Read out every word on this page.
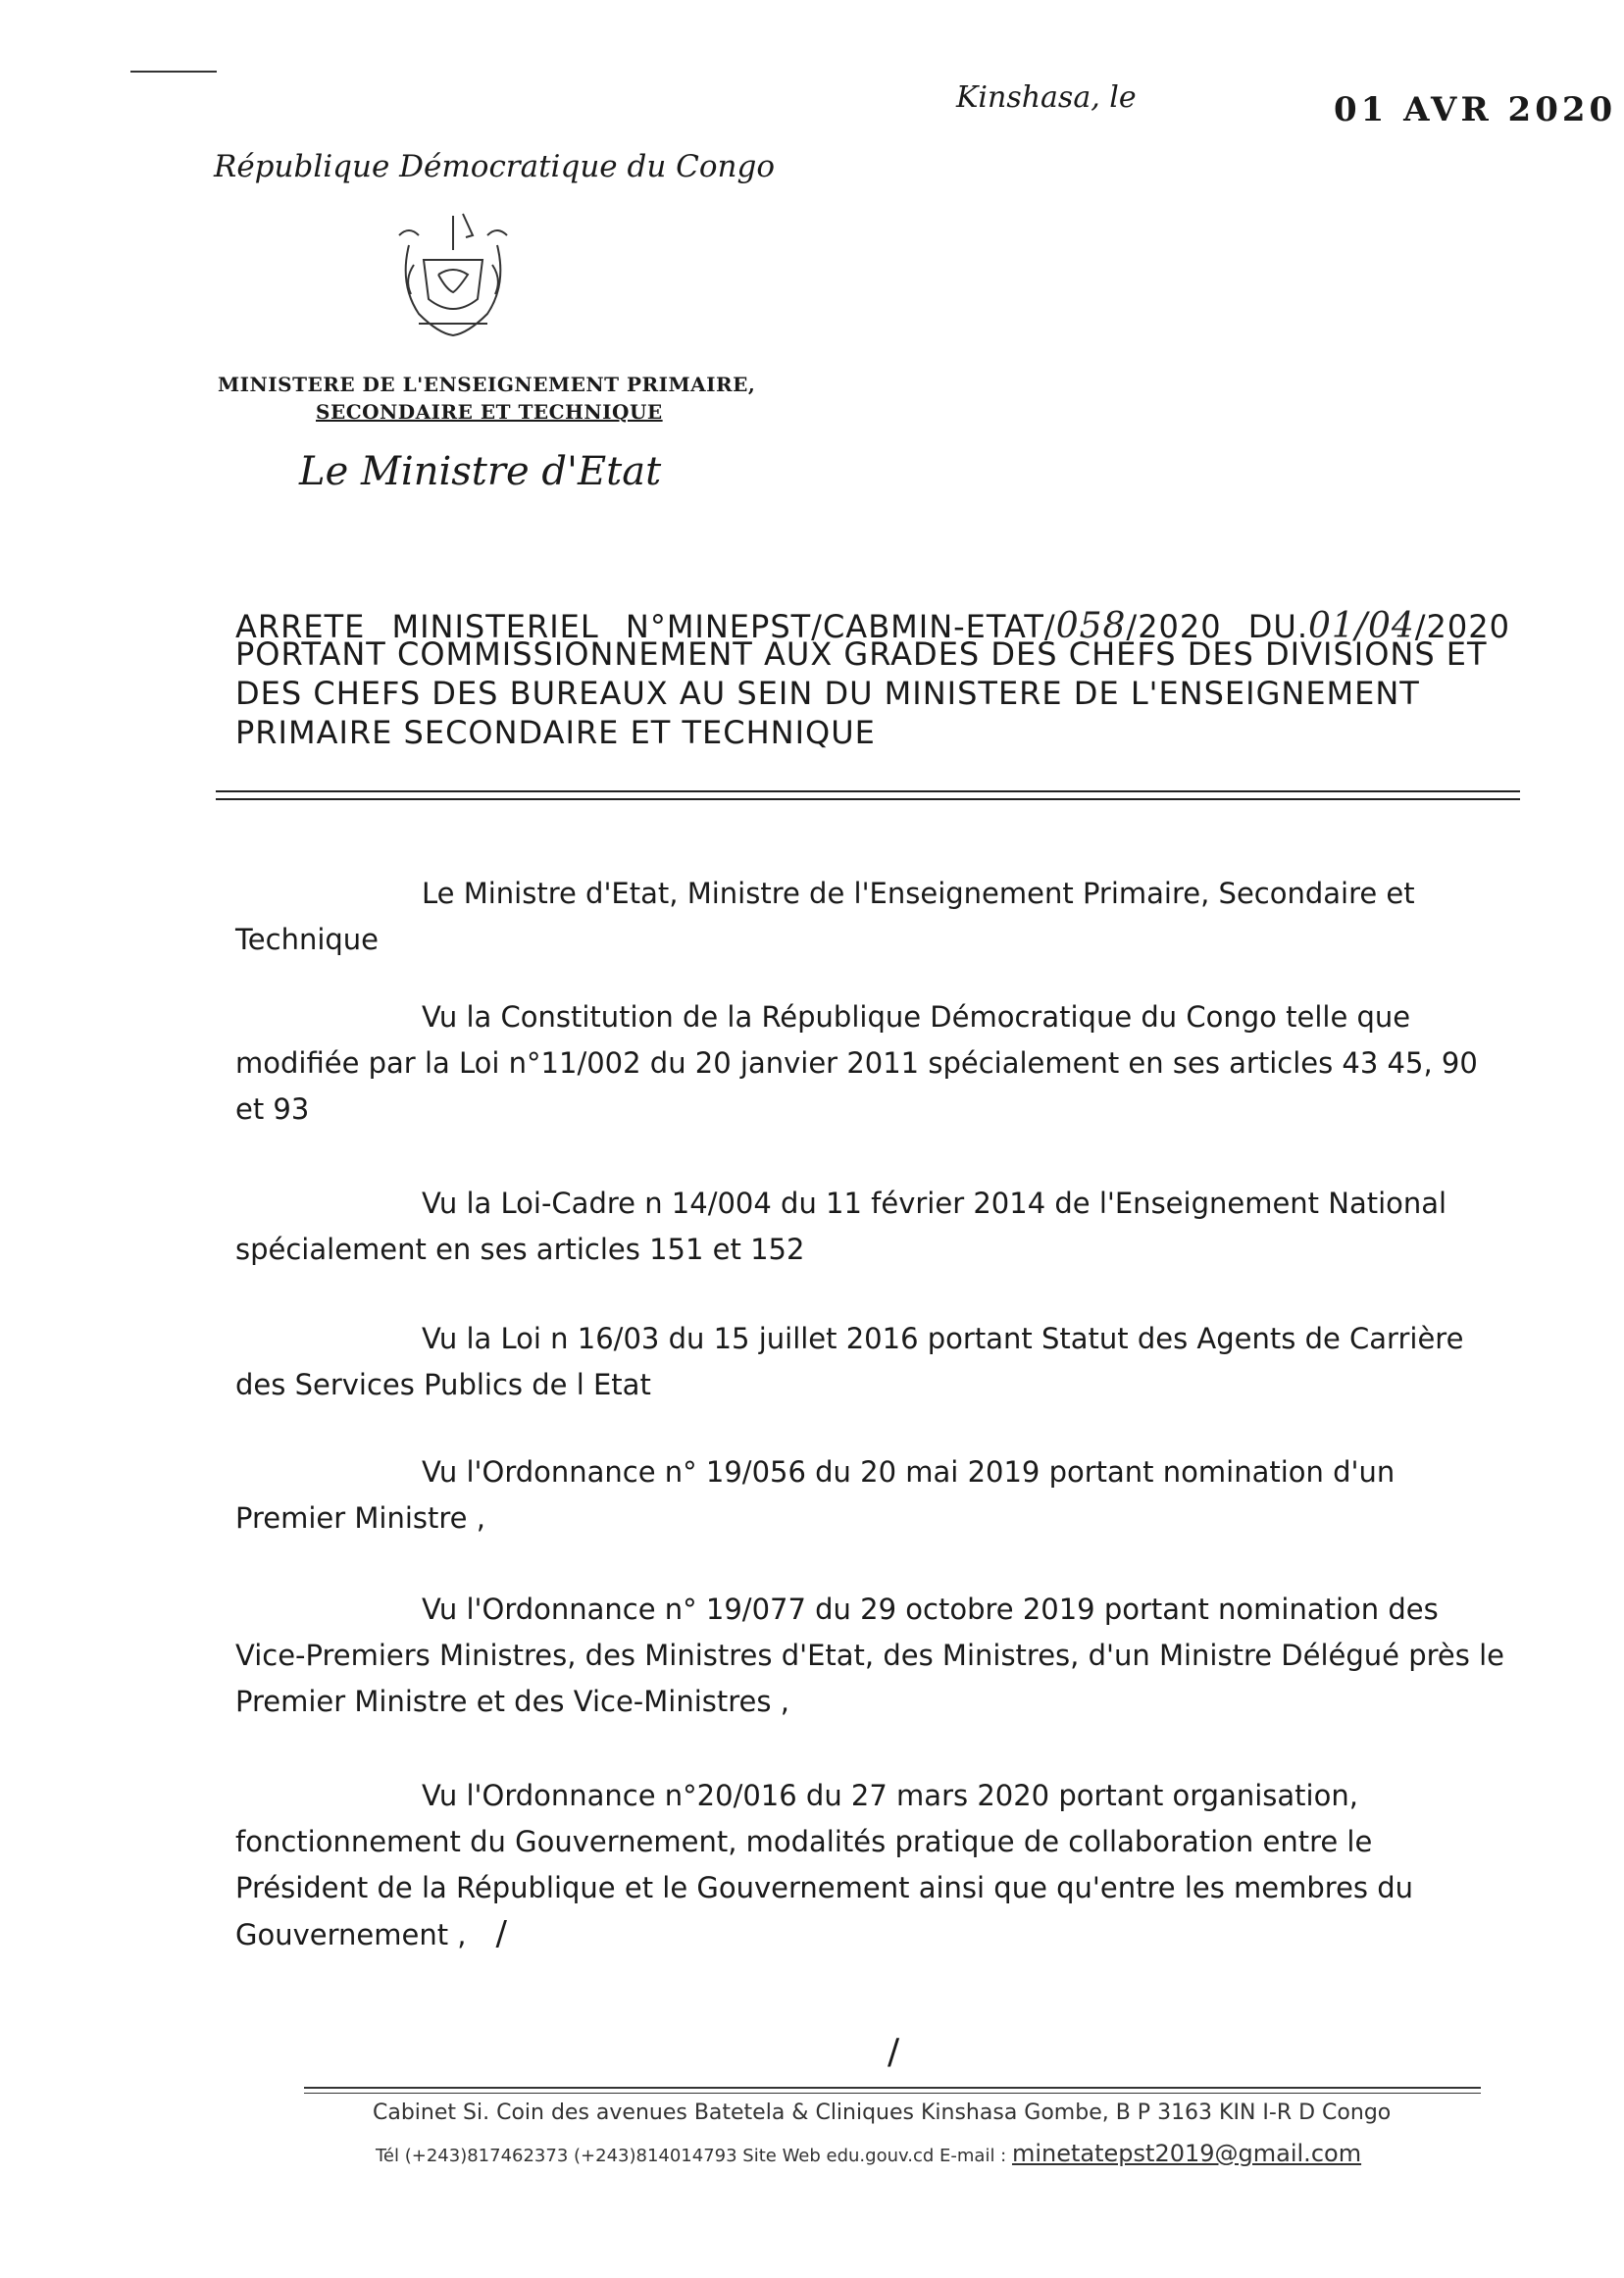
Kinshasa, le	01 AVR 2020
République Démocratique du Congo
MINISTERE DE L'ENSEIGNEMENT PRIMAIRE,
SECONDAIRE ET TECHNIQUE
Le Ministre d'Etat
ARRETE MINISTERIEL N°MINEPST/CABMIN-ETAT/058/2020 DU.01/04/2020
PORTANT COMMISSIONNEMENT AUX GRADES DES CHEFS DES DIVISIONS ET
DES CHEFS DES BUREAUX AU SEIN DU MINISTERE DE L'ENSEIGNEMENT
PRIMAIRE SECONDAIRE ET TECHNIQUE
Le Ministre d'Etat, Ministre de l'Enseignement Primaire, Secondaire et
Technique
Vu la Constitution de la République Démocratique du Congo telle que
modifiée par la Loi n°11/002 du 20 janvier 2011 spécialement en ses articles 43 45, 90
et 93
Vu la Loi-Cadre n 14/004 du 11 février 2014 de l'Enseignement National
spécialement en ses articles 151 et 152
Vu la Loi n 16/03 du 15 juillet 2016 portant Statut des Agents de Carrière
des Services Publics de l Etat
Vu l'Ordonnance n° 19/056 du 20 mai 2019 portant nomination d'un
Premier Ministre ,
Vu l'Ordonnance n° 19/077 du 29 octobre 2019 portant nomination des
Vice-Premiers Ministres, des Ministres d'Etat, des Ministres, d'un Ministre Délégué près le
Premier Ministre et des Vice-Ministres ,
Vu l'Ordonnance n°20/016 du 27 mars 2020 portant organisation,
fonctionnement du Gouvernement, modalités pratique de collaboration entre le
Président de la République et le Gouvernement ainsi que qu'entre les membres du
Gouvernement , /
/
Cabinet Si. Coin des avenues Batetela & Cliniques Kinshasa Gombe, B P 3163 KIN I-R D Congo
Tél (+243)817462373 (+243)814014793 Site Web edu.gouv.cd E-mail : minetatepst2019@gmail.com
